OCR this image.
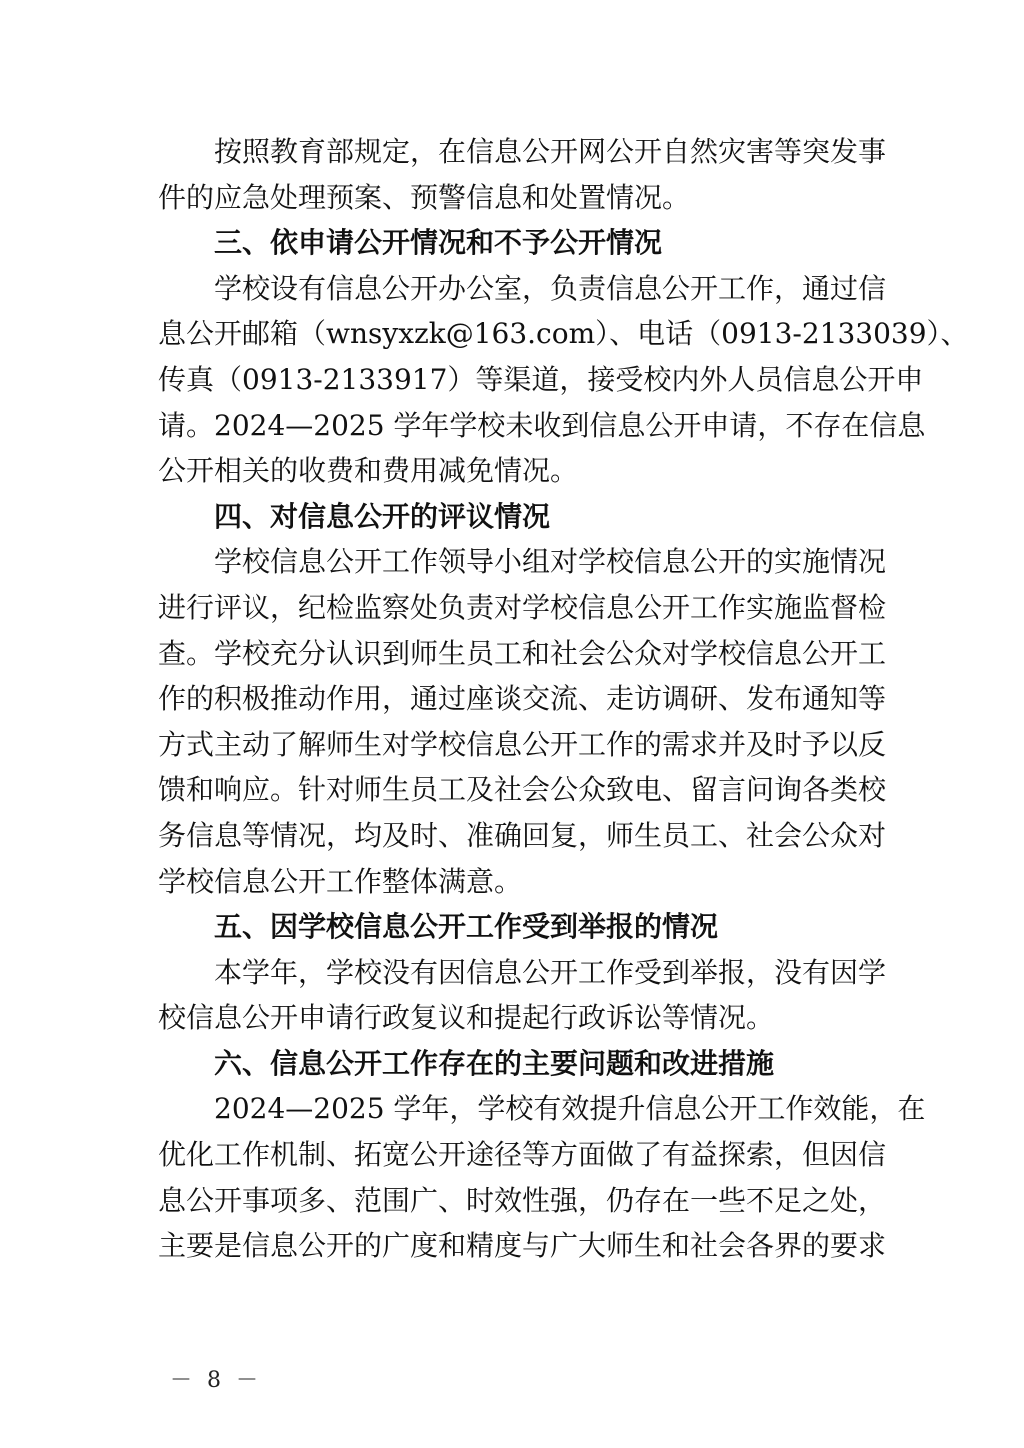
按照教育部规定，在信息公开网公开自然灾害等突发事
件的应急处理预案、预警信息和处置情况。
三、依申请公开情况和不予公开情况
学校设有信息公开办公室，负责信息公开工作，通过信
息公开邮箱（wnsyxzk@163.com）、电话（0913-2133039）、
传真（0913-2133917）等渠道，接受校内外人员信息公开申
请。2024—2025 学年学校未收到信息公开申请，不存在信息
公开相关的收费和费用减免情况。
四、对信息公开的评议情况
学校信息公开工作领导小组对学校信息公开的实施情况
进行评议，纪检监察处负责对学校信息公开工作实施监督检
查。学校充分认识到师生员工和社会公众对学校信息公开工
作的积极推动作用，通过座谈交流、走访调研、发布通知等
方式主动了解师生对学校信息公开工作的需求并及时予以反
馈和响应。针对师生员工及社会公众致电、留言问询各类校
务信息等情况，均及时、准确回复，师生员工、社会公众对
学校信息公开工作整体满意。
五、因学校信息公开工作受到举报的情况
本学年，学校没有因信息公开工作受到举报，没有因学
校信息公开申请行政复议和提起行政诉讼等情况。
六、信息公开工作存在的主要问题和改进措施
2024—2025 学年，学校有效提升信息公开工作效能，在
优化工作机制、拓宽公开途径等方面做了有益探索，但因信
息公开事项多、范围广、时效性强，仍存在一些不足之处，
主要是信息公开的广度和精度与广大师生和社会各界的要求
－ 8 －
